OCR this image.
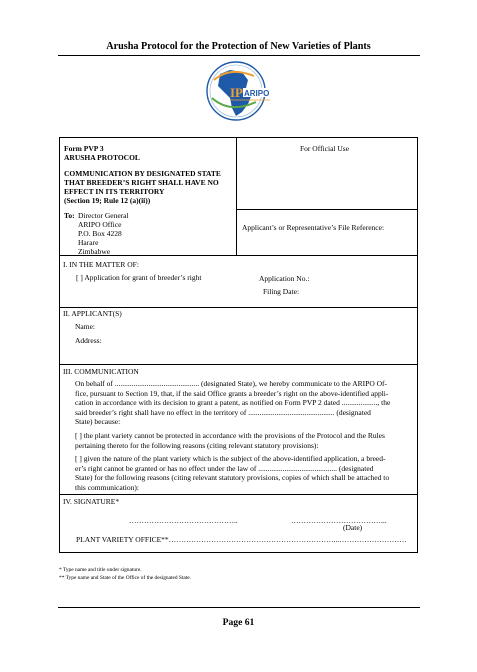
Arusha Protocol for the Protection of New Varieties of Plants
IP ARIPO
Form PVP 3
ARUSHA PROTOCOL
COMMUNICATION BY DESIGNATED STATE
THAT BREEDER’S RIGHT SHALL HAVE NO
EFFECT IN ITS TERRITORY
(Section 19; Rule 12 (a)(ii))
To: Director General
ARIPO Office
P.O. Box 4228
Harare
Zimbabwe
For Official Use
Applicant’s or Representative’s File Reference:
I. IN THE MATTER OF:
[ ] Application for grant of breeder’s right	Application No.:
Filing Date:
II. APPLICANT(S)
Name:
Address:
III. COMMUNICATION
On behalf of ............................................. (designated State), we hereby communicate to the ARIPO Of-
fice, pursuant to Section 19, that, if the said Office grants a breeder’s right on the above-identified appli-
cation in accordance with its decision to grant a patent, as notified on Form PVP 2 dated ..................., the
said breeder’s right shall have no effect in the territory of .............................................. (designated
State) because:
[ ] the plant variety cannot be protected in accordance with the provisions of the Protocol and the Rules
pertaining thereto for the following reasons (citing relevant statutory provisions):
[ ] given the nature of the plant variety which is the subject of the above-identified application, a breed-
er’s right cannot be granted or has no effect under the law of .......................................... (designated
State) for the following reasons (citing relevant statutory provisions, copies of which shall be attached to
this communication):
IV. SIGNATURE*
……………………………………..	………………………………...
(Date)
PLANT VARIETY OFFICE**…………………………………………………………...………………………
* Type name and title under signature.
** Type name and State of the Office of the designated State.
Page 61
